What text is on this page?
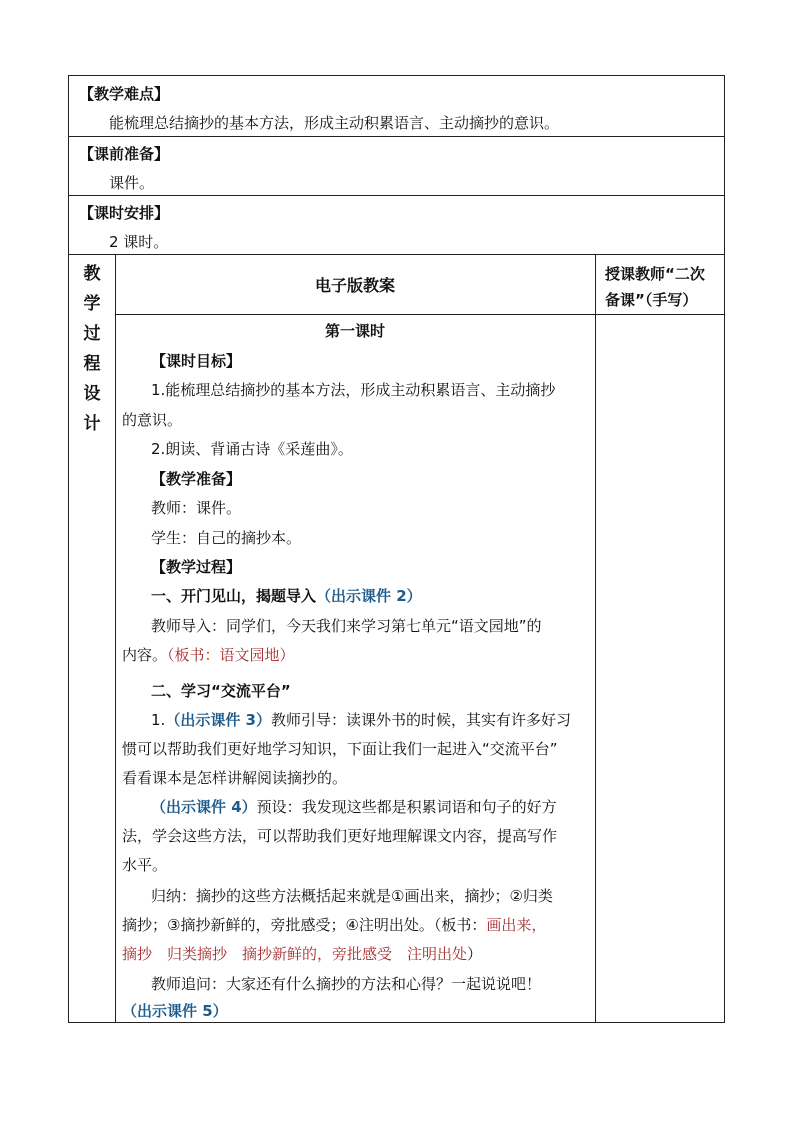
【教学难点】
能梳理总结摘抄的基本方法，形成主动积累语言、主动摘抄的意识。
【课前准备】
课件。
【课时安排】
2 课时。
教
学
过
程
设
计
电子版教案
授课教师“二次
备课”（手写）
第一课时
【课时目标】
1.能梳理总结摘抄的基本方法，形成主动积累语言、主动摘抄
的意识。
2.朗读、背诵古诗《采莲曲》。
【教学准备】
教师：课件。
学生：自己的摘抄本。
【教学过程】
一、开门见山，揭题导入（出示课件 2）
教师导入：同学们，今天我们来学习第七单元“语文园地”的
内容。（板书：语文园地）
二、学习“交流平台”
1.（出示课件 3）教师引导：读课外书的时候，其实有许多好习
惯可以帮助我们更好地学习知识，下面让我们一起进入“交流平台”
看看课本是怎样讲解阅读摘抄的。
（出示课件 4）预设：我发现这些都是积累词语和句子的好方
法，学会这些方法，可以帮助我们更好地理解课文内容，提高写作
水平。
归纳：摘抄的这些方法概括起来就是①画出来，摘抄；②归类
摘抄；③摘抄新鲜的，旁批感受；④注明出处。（板书：画出来，
摘抄　归类摘抄　摘抄新鲜的，旁批感受　注明出处）
教师追问：大家还有什么摘抄的方法和心得？一起说说吧！
（出示课件 5）
